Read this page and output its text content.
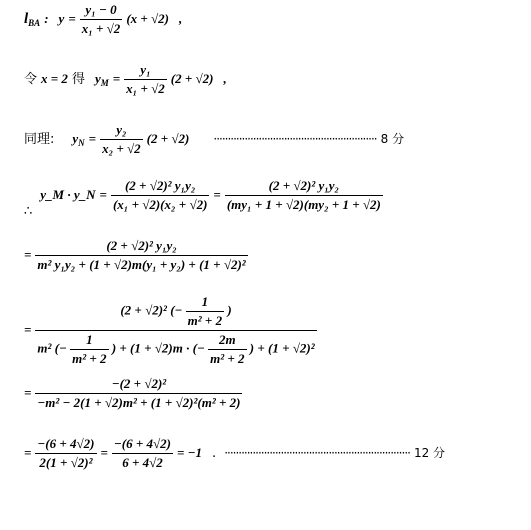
$l_{BA}$ : $y = \frac{\text{y₁ − 0}}{\text{x₁ + √2}} (x + √2)$ ,
令 x = 2 得 $y_M = \frac{\text{y₁}}{\text{x₁ + √2}} (2 + √2)$ ,
同理: $y_N = \frac{\text{y₂}}{\text{x₂ + √2}} (2 + √2)$ ·························································· 8 分
$_\therefore$ y_M · y_N = $\frac{\text{(2 + √2)² y₁y₂}}{\text{(x₁ + √2)(x₂ + √2)}} = \frac{\text{(2 + √2)² y₁y₂}}{\text{(my₁ + 1 + √2)(my₂ + 1 + √2)}}$
= $\frac{\text{(2 + √2)² y₁y₂}}{\text{m² y₁y₂ + (1 + √2)m(y₁ + y₂) + (1 + √2)²}}$
=
(2 + √2)² (− $\frac{1}{\text{m² + 2}}$ )
m² (− $\frac{1}{\text{m² + 2}}$ ) + (1 + √2)m · (− $\frac{2m}{\text{m² + 2}}$ ) + (1 + √2)²
= $\frac{\text{−(2 + √2)²}}{\text{−m² − 2(1 + √2)m² + (1 + √2)²(m² + 2)}}$
= $\frac{-(6 + 4√2)}{\text{2(1 + √2)²}} = \frac{-(6 + 4√2)}{6 + 4√2} = -1$ . ·································································· 12 分
